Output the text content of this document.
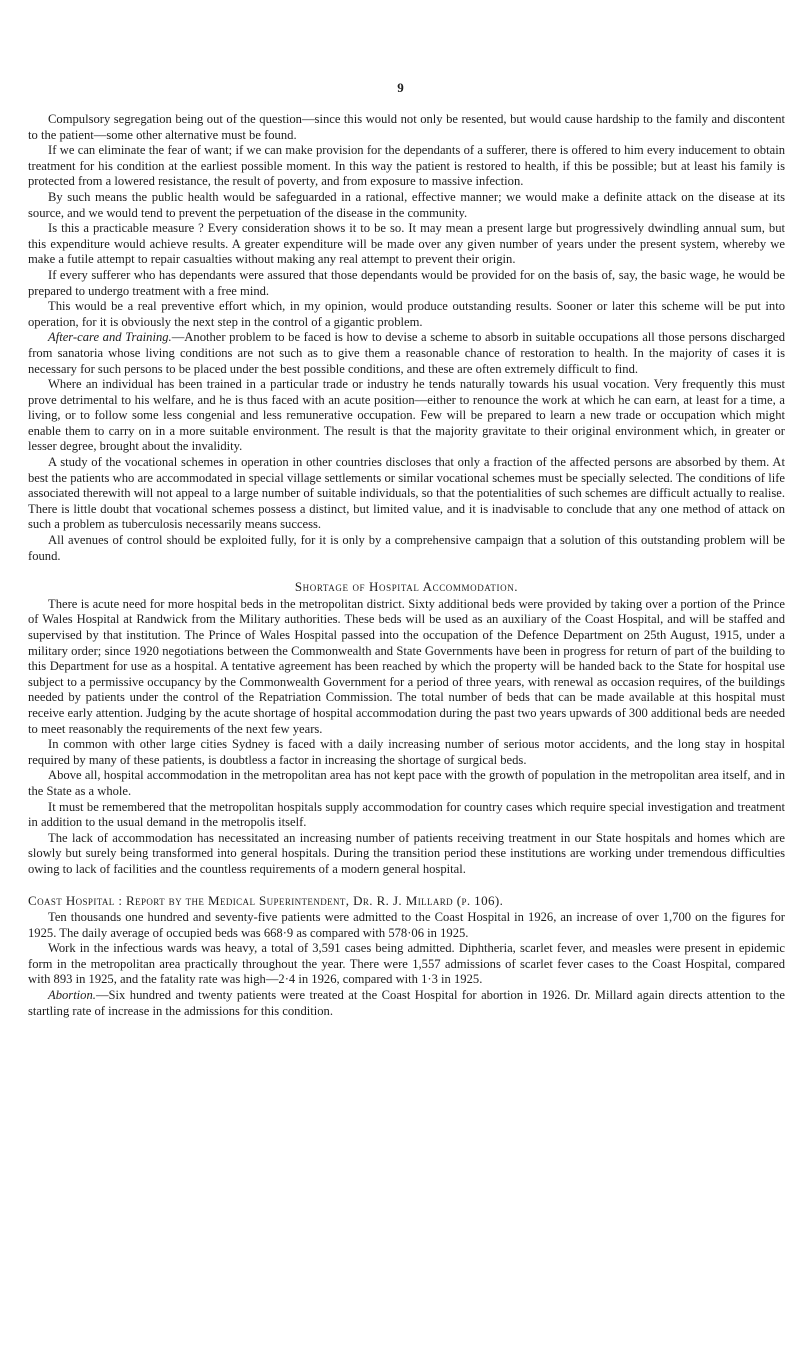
9

Compulsory segregation being out of the question—since this would not only be resented, but would cause hardship to the family and discontent to the patient—some other alternative must be found.

If we can eliminate the fear of want; if we can make provision for the dependants of a sufferer, there is offered to him every inducement to obtain treatment for his condition at the earliest possible moment. In this way the patient is restored to health, if this be possible; but at least his family is protected from a lowered resistance, the result of poverty, and from exposure to massive infection.

By such means the public health would be safeguarded in a rational, effective manner; we would make a definite attack on the disease at its source, and we would tend to prevent the perpetuation of the disease in the community.

Is this a practicable measure ? Every consideration shows it to be so. It may mean a present large but progressively dwindling annual sum, but this expenditure would achieve results. A greater expenditure will be made over any given number of years under the present system, whereby we make a futile attempt to repair casualties without making any real attempt to prevent their origin.

If every sufferer who has dependants were assured that those dependants would be provided for on the basis of, say, the basic wage, he would be prepared to undergo treatment with a free mind.

This would be a real preventive effort which, in my opinion, would produce outstanding results. Sooner or later this scheme will be put into operation, for it is obviously the next step in the control of a gigantic problem.

After-care and Training.—Another problem to be faced is how to devise a scheme to absorb in suitable occupations all those persons discharged from sanatoria whose living conditions are not such as to give them a reasonable chance of restoration to health. In the majority of cases it is necessary for such persons to be placed under the best possible conditions, and these are often extremely difficult to find.

Where an individual has been trained in a particular trade or industry he tends naturally towards his usual vocation. Very frequently this must prove detrimental to his welfare, and he is thus faced with an acute position—either to renounce the work at which he can earn, at least for a time, a living, or to follow some less congenial and less remunerative occupation. Few will be prepared to learn a new trade or occupation which might enable them to carry on in a more suitable environment. The result is that the majority gravitate to their original environment which, in greater or lesser degree, brought about the invalidity.

A study of the vocational schemes in operation in other countries discloses that only a fraction of the affected persons are absorbed by them. At best the patients who are accommodated in special village settlements or similar vocational schemes must be specially selected. The conditions of life associated therewith will not appeal to a large number of suitable individuals, so that the potentialities of such schemes are difficult actually to realise. There is little doubt that vocational schemes possess a distinct, but limited value, and it is inadvisable to conclude that any one method of attack on such a problem as tuberculosis necessarily means success.

All avenues of control should be exploited fully, for it is only by a comprehensive campaign that a solution of this outstanding problem will be found.

Shortage of Hospital Accommodation.

There is acute need for more hospital beds in the metropolitan district. Sixty additional beds were provided by taking over a portion of the Prince of Wales Hospital at Randwick from the Military authorities. These beds will be used as an auxiliary of the Coast Hospital, and will be staffed and supervised by that institution. The Prince of Wales Hospital passed into the occupation of the Defence Department on 25th August, 1915, under a military order; since 1920 negotiations between the Commonwealth and State Governments have been in progress for return of part of the building to this Department for use as a hospital. A tentative agreement has been reached by which the property will be handed back to the State for hospital use subject to a permissive occupancy by the Commonwealth Government for a period of three years, with renewal as occasion requires, of the buildings needed by patients under the control of the Repatriation Commission. The total number of beds that can be made available at this hospital must receive early attention. Judging by the acute shortage of hospital accommodation during the past two years upwards of 300 additional beds are needed to meet reasonably the requirements of the next few years.

In common with other large cities Sydney is faced with a daily increasing number of serious motor accidents, and the long stay in hospital required by many of these patients, is doubtless a factor in increasing the shortage of surgical beds.

Above all, hospital accommodation in the metropolitan area has not kept pace with the growth of population in the metropolitan area itself, and in the State as a whole.

It must be remembered that the metropolitan hospitals supply accommodation for country cases which require special investigation and treatment in addition to the usual demand in the metropolis itself.

The lack of accommodation has necessitated an increasing number of patients receiving treatment in our State hospitals and homes which are slowly but surely being transformed into general hospitals. During the transition period these institutions are working under tremendous difficulties owing to lack of facilities and the countless requirements of a modern general hospital.

Coast Hospital : Report by the Medical Superintendent, Dr. R. J. Millard (p. 106).

Ten thousands one hundred and seventy-five patients were admitted to the Coast Hospital in 1926, an increase of over 1,700 on the figures for 1925. The daily average of occupied beds was 668·9 as compared with 578·06 in 1925.

Work in the infectious wards was heavy, a total of 3,591 cases being admitted. Diphtheria, scarlet fever, and measles were present in epidemic form in the metropolitan area practically throughout the year. There were 1,557 admissions of scarlet fever cases to the Coast Hospital, compared with 893 in 1925, and the fatality rate was high—2·4 in 1926, compared with 1·3 in 1925.

Abortion.—Six hundred and twenty patients were treated at the Coast Hospital for abortion in 1926. Dr. Millard again directs attention to the startling rate of increase in the admissions for this condition.
